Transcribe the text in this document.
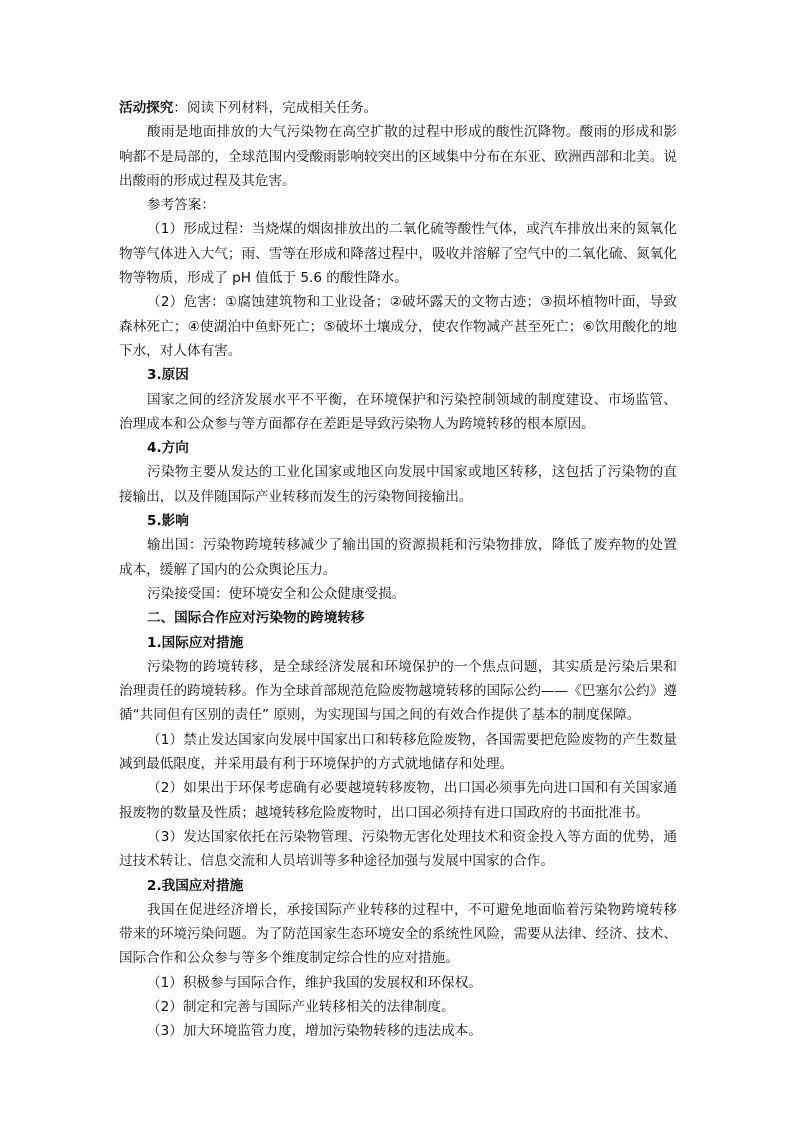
活动探究：阅读下列材料，完成相关任务。

酸雨是地面排放的大气污染物在高空扩散的过程中形成的酸性沉降物。酸雨的形成和影响都不是局部的，全球范围内受酸雨影响较突出的区域集中分布在东亚、欧洲西部和北美。说出酸雨的形成过程及其危害。

参考答案：

（1）形成过程：当烧煤的烟囱排放出的二氧化硫等酸性气体，或汽车排放出来的氮氧化物等气体进入大气；雨、雪等在形成和降落过程中，吸收并溶解了空气中的二氧化硫、氮氧化物等物质，形成了 pH 值低于 5.6 的酸性降水。

（2）危害：①腐蚀建筑物和工业设备；②破坏露天的文物古迹；③损坏植物叶面，导致森林死亡；④使湖泊中鱼虾死亡；⑤破坏土壤成分，使农作物减产甚至死亡；⑥饮用酸化的地下水，对人体有害。

3.原因

国家之间的经济发展水平不平衡，在环境保护和污染控制领域的制度建设、市场监管、治理成本和公众参与等方面都存在差距是导致污染物人为跨境转移的根本原因。

4.方向

污染物主要从发达的工业化国家或地区向发展中国家或地区转移，这包括了污染物的直接输出，以及伴随国际产业转移而发生的污染物间接输出。

5.影响

输出国：污染物跨境转移减少了输出国的资源损耗和污染物排放，降低了废弃物的处置成本，缓解了国内的公众舆论压力。

污染接受国：使环境安全和公众健康受损。

二、国际合作应对污染物的跨境转移

1.国际应对措施

污染物的跨境转移，是全球经济发展和环境保护的一个焦点问题，其实质是污染后果和治理责任的跨境转移。作为全球首部规范危险废物越境转移的国际公约——《巴塞尔公约》遵循“共同但有区别的责任” 原则，为实现国与国之间的有效合作提供了基本的制度保障。

（1）禁止发达国家向发展中国家出口和转移危险废物，各国需要把危险废物的产生数量减到最低限度，并采用最有利于环境保护的方式就地储存和处理。

（2）如果出于环保考虑确有必要越境转移废物，出口国必须事先向进口国和有关国家通报废物的数量及性质；越境转移危险废物时，出口国必须持有进口国政府的书面批准书。

（3）发达国家依托在污染物管理、污染物无害化处理技术和资金投入等方面的优势，通过技术转让、信息交流和人员培训等多种途径加强与发展中国家的合作。

2.我国应对措施

我国在促进经济增长，承接国际产业转移的过程中，不可避免地面临着污染物跨境转移带来的环境污染问题。为了防范国家生态环境安全的系统性风险，需要从法律、经济、技术、国际合作和公众参与等多个维度制定综合性的应对措施。

（1）积极参与国际合作，维护我国的发展权和环保权。

（2）制定和完善与国际产业转移相关的法律制度。

（3）加大环境监管力度，增加污染物转移的违法成本。
